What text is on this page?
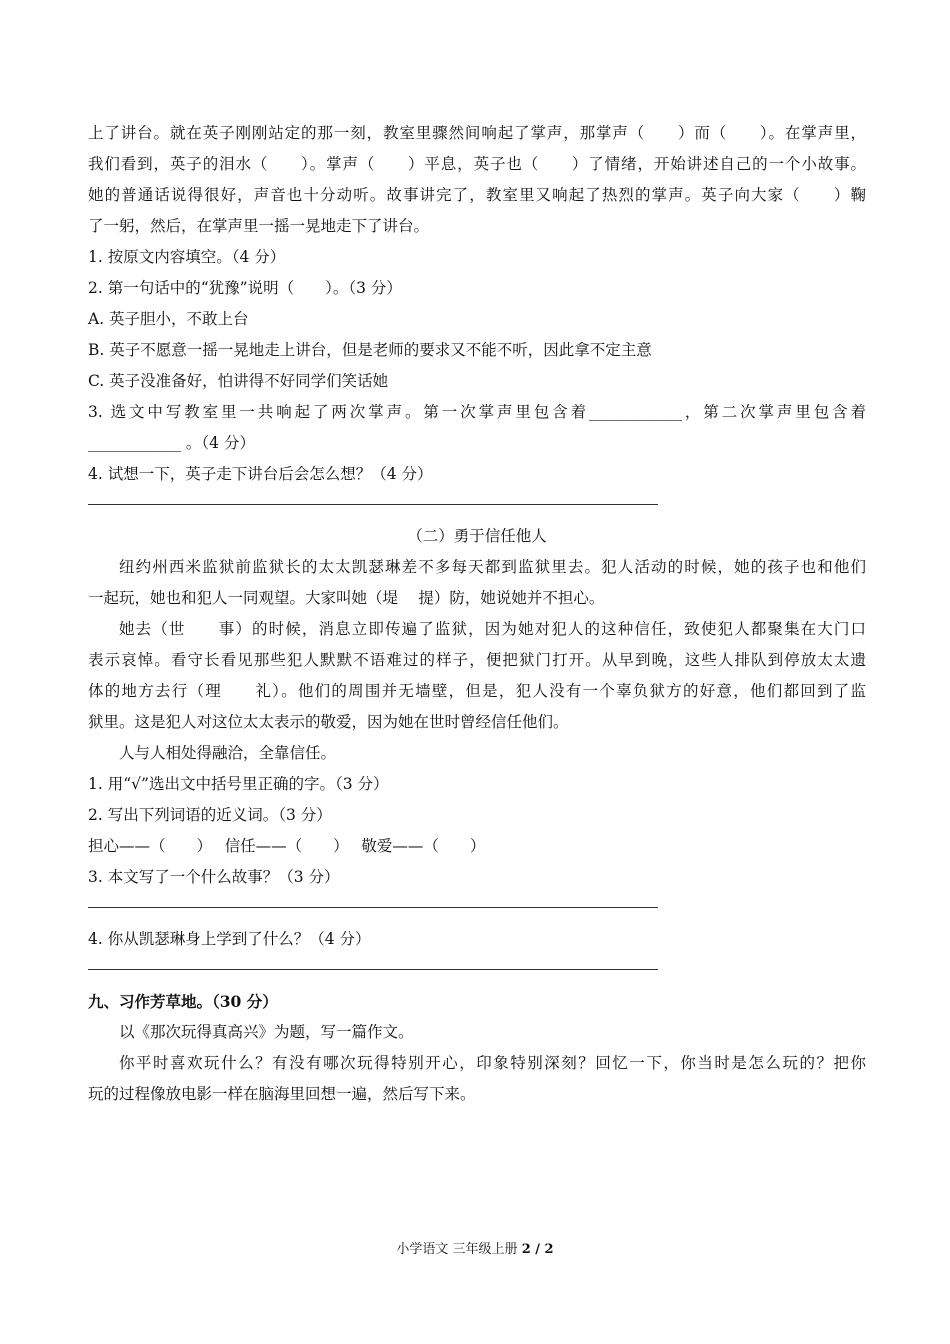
上了讲台。就在英子刚刚站定的那一刻，教室里骤然间响起了掌声，那掌声（　　）而（　　）。在掌声里，
我们看到，英子的泪水（　　）。掌声（　　）平息，英子也（　　）了情绪，开始讲述自己的一个小故事。
她的普通话说得很好，声音也十分动听。故事讲完了，教室里又响起了热烈的掌声。英子向大家（　　）鞠
了一躬，然后，在掌声里一摇一晃地走下了讲台。
1. 按原文内容填空。（4 分）
2. 第一句话中的“犹豫”说明（　　）。（3 分）
A. 英子胆小，不敢上台
B. 英子不愿意一摇一晃地走上讲台，但是老师的要求又不能不听，因此拿不定主意
C. 英子没准备好，怕讲得不好同学们笑话她
3. 选文中写教室里一共响起了两次掌声。第一次掌声里包含着____________，第二次掌声里包含着
____________ 。（4 分）
4. 试想一下，英子走下讲台后会怎么想？（4 分）
（二）勇于信任他人
纽约州西米监狱前监狱长的太太凯瑟琳差不多每天都到监狱里去。犯人活动的时候，她的孩子也和他们
一起玩，她也和犯人一同观望。大家叫她（堤　 提）防，她说她并不担心。
她去（世　　事）的时候，消息立即传遍了监狱，因为她对犯人的这种信任，致使犯人都聚集在大门口
表示哀悼。看守长看见那些犯人默默不语难过的样子，便把狱门打开。从早到晚，这些人排队到停放太太遗
体的地方去行（理　　礼）。他们的周围并无墙壁，但是，犯人没有一个辜负狱方的好意，他们都回到了监
狱里。这是犯人对这位太太表示的敬爱，因为她在世时曾经信任他们。
人与人相处得融洽，全靠信任。
1. 用“√”选出文中括号里正确的字。（3 分）
2. 写出下列词语的近义词。（3 分）
担心——（　　）　 信任——（　　）　 敬爱——（　　）
3. 本文写了一个什么故事？（3 分）
4. 你从凯瑟琳身上学到了什么？（4 分）
九、习作芳草地。（30 分）
以《那次玩得真高兴》为题，写一篇作文。
你平时喜欢玩什么？有没有哪次玩得特别开心，印象特别深刻？回忆一下，你当时是怎么玩的？把你
玩的过程像放电影一样在脑海里回想一遍，然后写下来。
小学语文 三年级上册 2 / 2
